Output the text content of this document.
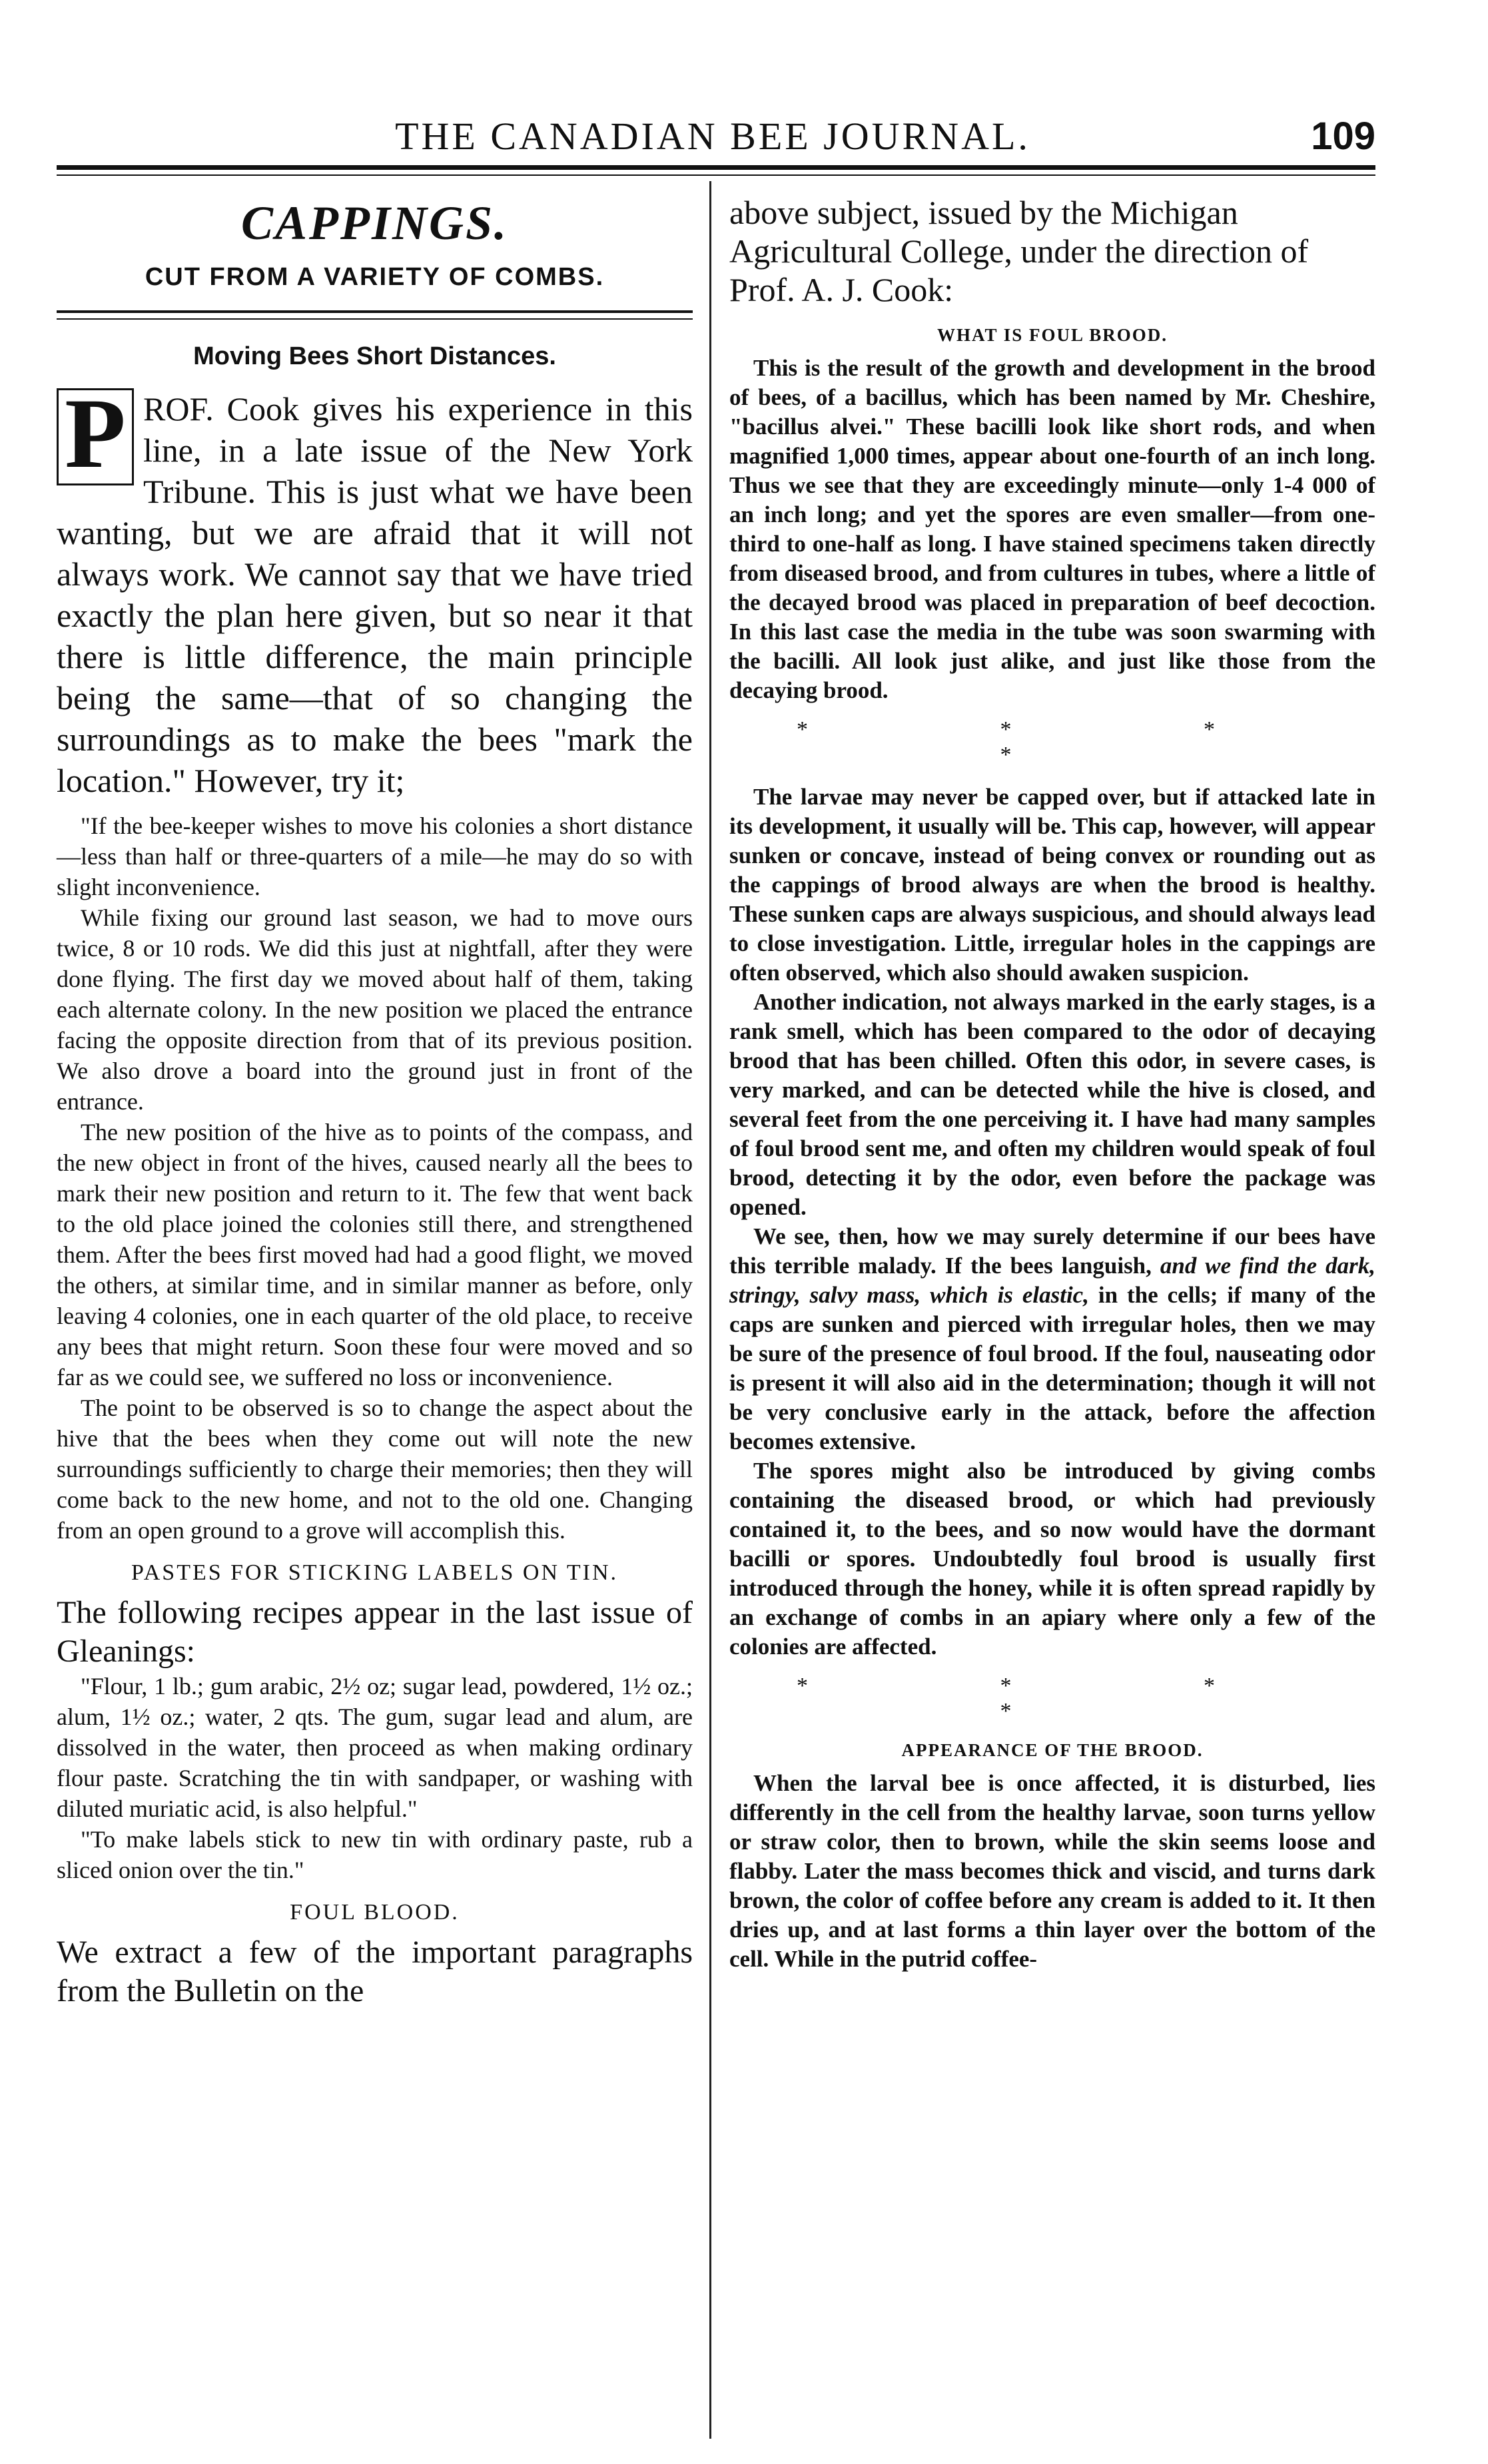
THE CANADIAN BEE JOURNAL.	109
CAPPINGS.
CUT FROM A VARIETY OF COMBS.
Moving Bees Short Distances.

P ROF. Cook gives his experience in this line, in a late issue of the New York Tribune. This is just what we have been wanting, but we are afraid that it will not always work. We cannot say that we have tried exactly the plan here given, but so near it that there is little difference, the main principle being the same—that of so changing the surroundings as to make the bees "mark the location." However, try it;

"If the bee-keeper wishes to move his colonies a short distance—less than half or three-quarters of a mile—he may do so with slight inconvenience.

While fixing our ground last season, we had to move ours twice, 8 or 10 rods. We did this just at nightfall, after they were done flying. The first day we moved about half of them, taking each alternate colony. In the new position we placed the entrance facing the opposite direction from that of its previous position. We also drove a board into the ground just in front of the entrance.

The new position of the hive as to points of the compass, and the new object in front of the hives, caused nearly all the bees to mark their new position and return to it. The few that went back to the old place joined the colonies still there, and strengthened them. After the bees first moved had had a good flight, we moved the others, at similar time, and in similar manner as before, only leaving 4 colonies, one in each quarter of the old place, to receive any bees that might return. Soon these four were moved and so far as we could see, we suffered no loss or inconvenience.

The point to be observed is so to change the aspect about the hive that the bees when they come out will note the new surroundings sufficiently to charge their memories; then they will come back to the new home, and not to the old one. Changing from an open ground to a grove will accomplish this.

PASTES FOR STICKING LABELS ON TIN.

The following recipes appear in the last issue of Gleanings:

"Flour, 1 lb.; gum arabic, 2½ oz; sugar lead, powdered, 1½ oz.; alum, 1½ oz.; water, 2 qts. The gum, sugar lead and alum, are dissolved in the water, then proceed as when making ordinary flour paste. Scratching the tin with sandpaper, or washing with diluted muriatic acid, is also helpful."

"To make labels stick to new tin with ordinary paste, rub a sliced onion over the tin."

FOUL BLOOD.

We extract a few of the important paragraphs from the Bulletin on the

above subject, issued by the Michigan Agricultural College, under the direction of Prof. A. J. Cook:

WHAT IS FOUL BROOD.

This is the result of the growth and development in the brood of bees, of a bacillus, which has been named by Mr. Cheshire, "bacillus alvei." These bacilli look like short rods, and when magnified 1,000 times, appear about one-fourth of an inch long. Thus we see that they are exceedingly minute—only 1-4 000 of an inch long; and yet the spores are even smaller—from one-third to one-half as long. I have stained specimens taken directly from diseased brood, and from cultures in tubes, where a little of the decayed brood was placed in preparation of beef decoction. In this last case the media in the tube was soon swarming with the bacilli. All look just alike, and just like those from the decaying brood.

* * * *

The larvae may never be capped over, but if attacked late in its development, it usually will be. This cap, however, will appear sunken or concave, instead of being convex or rounding out as the cappings of brood always are when the brood is healthy. These sunken caps are always suspicious, and should always lead to close investigation. Little, irregular holes in the cappings are often observed, which also should awaken suspicion.

Another indication, not always marked in the early stages, is a rank smell, which has been compared to the odor of decaying brood that has been chilled. Often this odor, in severe cases, is very marked, and can be detected while the hive is closed, and several feet from the one perceiving it. I have had many samples of foul brood sent me, and often my children would speak of foul brood, detecting it by the odor, even before the package was opened.

We see, then, how we may surely determine if our bees have this terrible malady. If the bees languish, and we find the dark, stringy, salvy mass, which is elastic, in the cells; if many of the caps are sunken and pierced with irregular holes, then we may be sure of the presence of foul brood. If the foul, nauseating odor is present it will also aid in the determination; though it will not be very conclusive early in the attack, before the affection becomes extensive.

The spores might also be introduced by giving combs containing the diseased brood, or which had previously contained it, to the bees, and so now would have the dormant bacilli or spores. Undoubtedly foul brood is usually first introduced through the honey, while it is often spread rapidly by an exchange of combs in an apiary where only a few of the colonies are affected.

* * * *
APPEARANCE OF THE BROOD.

When the larval bee is once affected, it is disturbed, lies differently in the cell from the healthy larvae, soon turns yellow or straw color, then to brown, while the skin seems loose and flabby. Later the mass becomes thick and viscid, and turns dark brown, the color of coffee before any cream is added to it. It then dries up, and at last forms a thin layer over the bottom of the cell. While in the putrid coffee-
